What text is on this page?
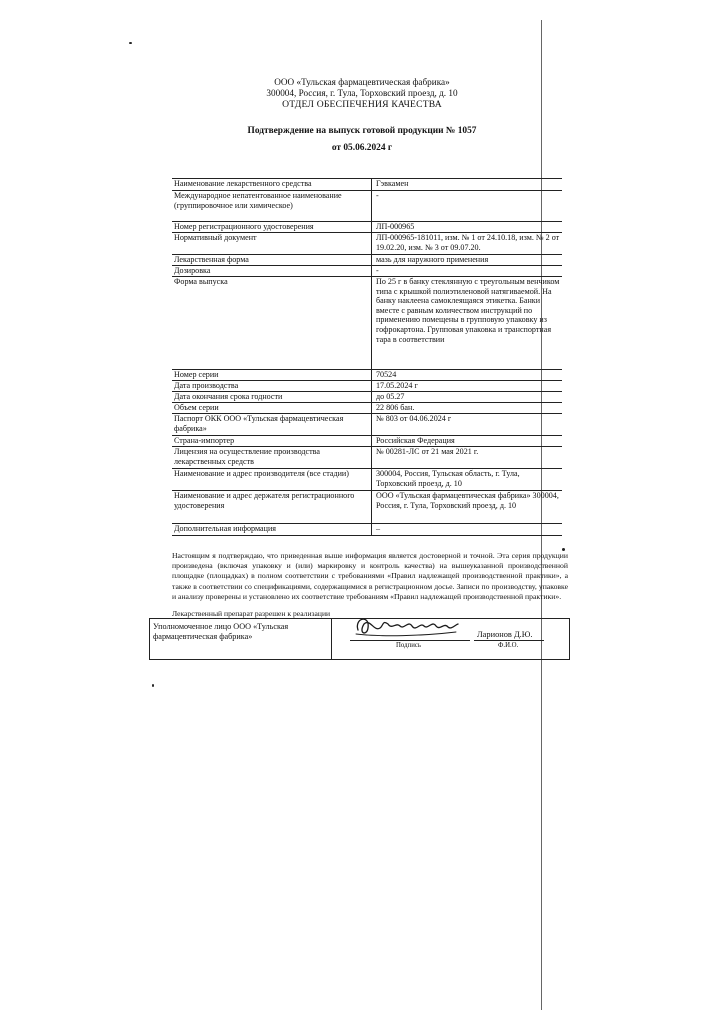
ООО «Тульская фармацевтическая фабрика»
300004, Россия, г. Тула, Торховский проезд, д. 10
ОТДЕЛ ОБЕСПЕЧЕНИЯ КАЧЕСТВА
Подтверждение на выпуск готовой продукции № 1057
от 05.06.2024 г
Наименование лекарственного средства	Гэвкамен
Международное непатентованное наименование (группировочное или химическое)	-
Номер регистрационного удостоверения	ЛП-000965
Нормативный документ	ЛП-000965-181011, изм. № 1 от 24.10.18, изм. № 2 от 19.02.20, изм. № 3 от 09.07.20.
Лекарственная форма	мазь для наружного применения
Дозировка	-
Форма выпуска	По 25 г в банку стеклянную с треугольным венчиком типа с крышкой полиэтиленовой натягиваемой. На банку наклеена самоклеящаяся этикетка. Банки вместе с равным количеством инструкций по применению помещены в групповую упаковку из гофрокартона. Групповая упаковка и транспортная тара в соответствии
Номер серии	70524
Дата производства	17.05.2024 г
Дата окончания срока годности	до 05.27
Объем серии	22 806 бан.
Паспорт ОКК ООО «Тульская фармацевтическая фабрика»	№ 803 от 04.06.2024 г
Страна-импортер	Российская Федерация
Лицензия на осуществление производства лекарственных средств	№ 00281-ЛС от 21 мая 2021 г.
Наименование и адрес производителя (все стадии)	300004, Россия, Тульская область, г. Тула, Торховский проезд, д. 10
Наименование и адрес держателя регистрационного удостоверения	ООО «Тульская фармацевтическая фабрика» 300004, Россия, г. Тула, Торховский проезд, д. 10
Дополнительная информация	–
Настоящим я подтверждаю, что приведенная выше информация является достоверной и точной. Эта серия продукции произведена (включая упаковку и (или) маркировку и контроль качества) на вышеуказанной производственной площадке (площадках) в полном соответствии с требованиями «Правил надлежащей производственной практики», а также в соответствии со спецификациями, содержащимися в регистрационном досье. Записи по производству, упаковке и анализу проверены и установлено их соответствие требованиям «Правил надлежащей производственной практики».
Лекарственный препарат разрешен к реализации
Уполномоченное лицо ООО «Тульская фармацевтическая фабрика»	Ларионов Д.Ю.
Подпись	Ф.И.О.
